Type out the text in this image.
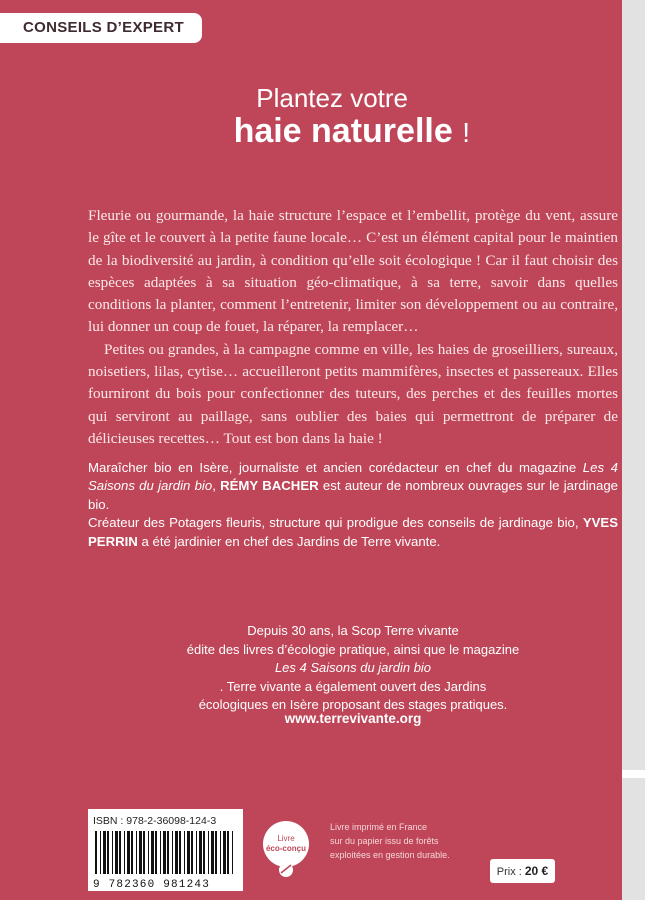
CONSEILS D’EXPERT
Plantez votre
haie naturelle !

Fleurie ou gourmande, la haie structure l’espace et l’embellit, protège du vent, assure le gîte et le couvert à la petite faune locale… C’est un élément capital pour le maintien de la biodiversité au jardin, à condition qu’elle soit écologique ! Car il faut choisir des espèces adaptées à sa situation géo-climatique, à sa terre, savoir dans quelles conditions la planter, comment l’entretenir, limiter son développement ou au contraire, lui donner un coup de fouet, la réparer, la remplacer…

Petites ou grandes, à la campagne comme en ville, les haies de groseilliers, sureaux, noisetiers, lilas, cytise… accueilleront petits mammifères, insectes et passereaux. Elles fourniront du bois pour confectionner des tuteurs, des perches et des feuilles mortes qui serviront au paillage, sans oublier des baies qui permettront de préparer de délicieuses recettes… Tout est bon dans la haie !

Maraîcher bio en Isère, journaliste et ancien corédacteur en chef du magazine Les 4 Saisons du jardin bio, RÉMY BACHER est auteur de nombreux ouvrages sur le jardinage bio.

Créateur des Potagers fleuris, structure qui prodigue des conseils de jardinage bio, YVES PERRIN a été jardinier en chef des Jardins de Terre vivante.

Depuis 30 ans, la Scop Terre vivante
édite des livres d’écologie pratique, ainsi que le magazine
Les 4 Saisons du jardin bio
. Terre vivante a également ouvert des Jardins
écologiques en Isère proposant des stages pratiques.
www.terrevivante.org
ISBN : 978-2-36098-124-3
9 782360 981243
Livre
éco-conçu
Livre imprimé en France
sur du papier issu de forêts
exploitées en gestion durable.
Prix : 20 €
